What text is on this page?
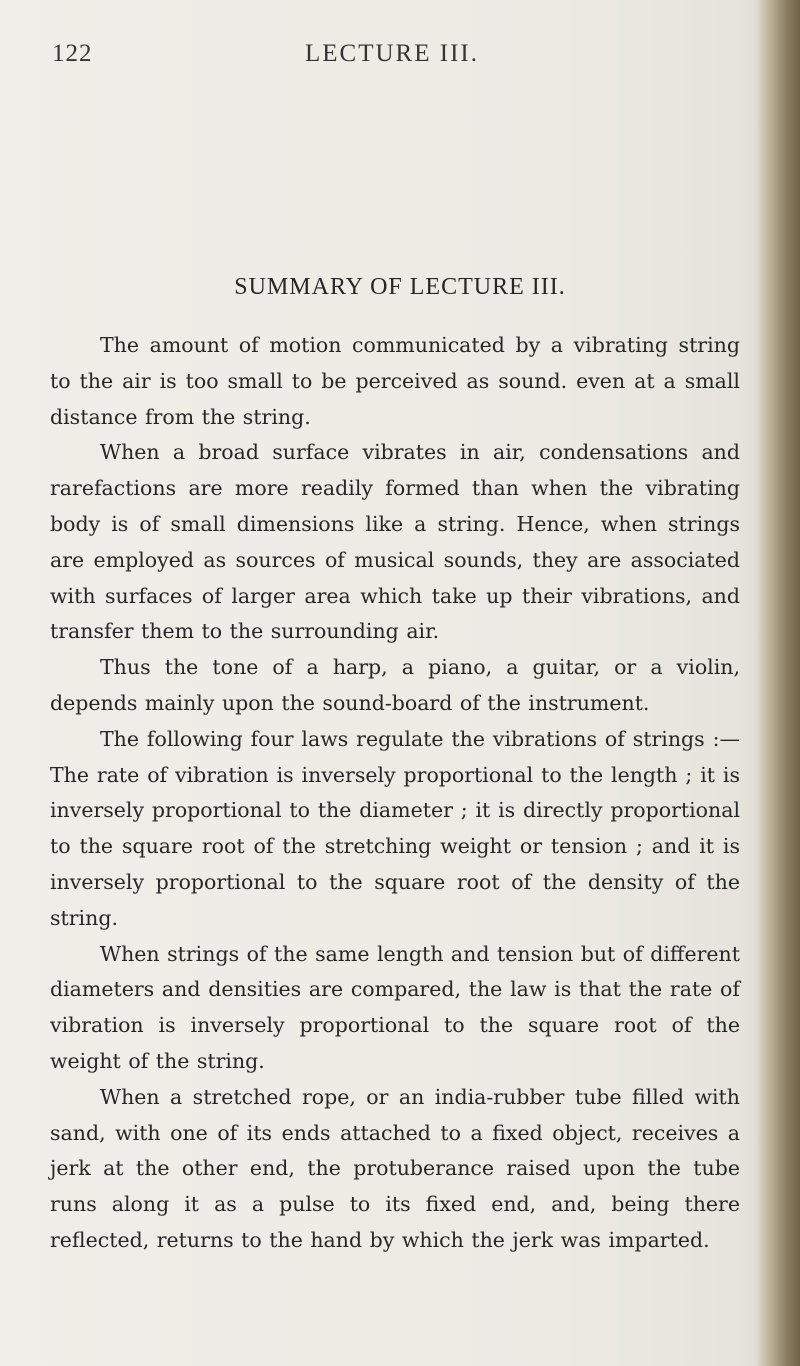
122	LECTURE III.
SUMMARY OF LECTURE III.

The amount of motion communicated by a vibrating string to the air is too small to be perceived as sound. even at a small distance from the string.

When a broad surface vibrates in air, condensations and rarefactions are more readily formed than when the vibrating body is of small dimensions like a string. Hence, when strings are employed as sources of musical sounds, they are associated with surfaces of larger area which take up their vibrations, and transfer them to the surrounding air.

Thus the tone of a harp, a piano, a guitar, or a violin, depends mainly upon the sound-board of the instrument.

The following four laws regulate the vibrations of strings :— The rate of vibration is inversely proportional to the length ; it is inversely proportional to the diameter ; it is directly proportional to the square root of the stretching weight or tension ; and it is inversely proportional to the square root of the density of the string.

When strings of the same length and tension but of different diameters and densities are compared, the law is that the rate of vibration is inversely proportional to the square root of the weight of the string.

When a stretched rope, or an india-rubber tube filled with sand, with one of its ends attached to a fixed object, receives a jerk at the other end, the protuberance raised upon the tube runs along it as a pulse to its fixed end, and, being there reflected, returns to the hand by which the jerk was imparted.
